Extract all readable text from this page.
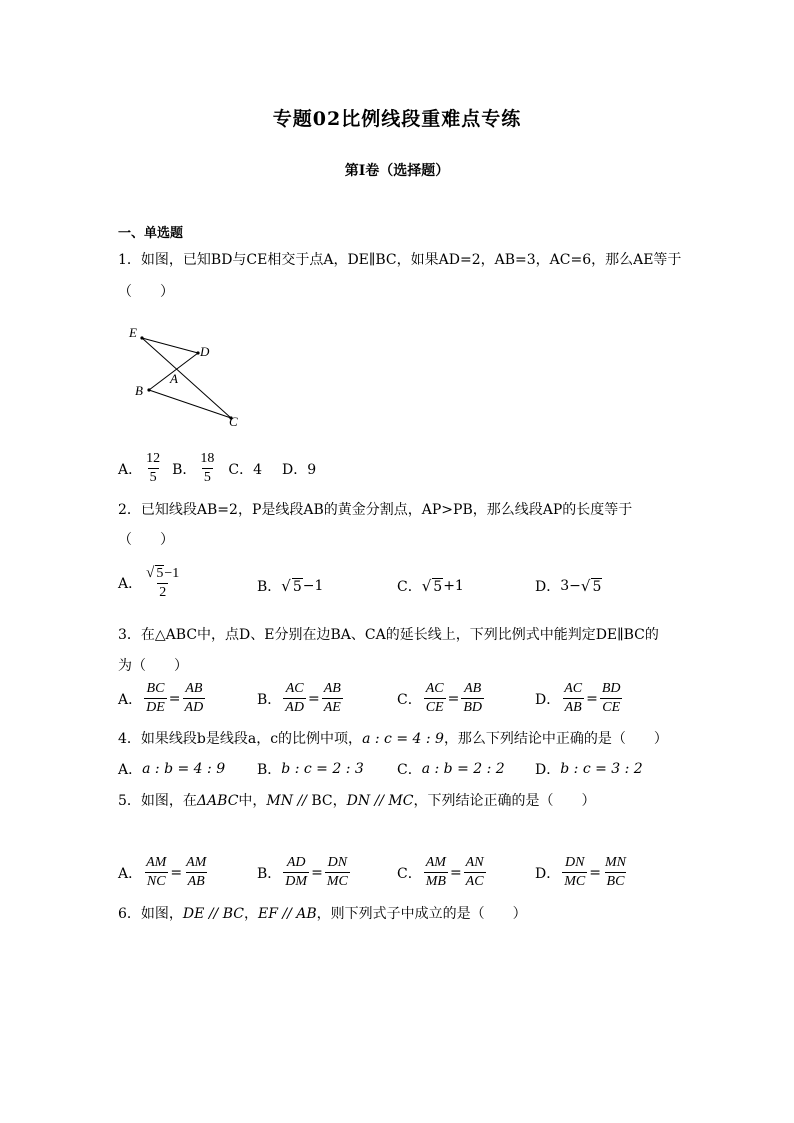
专题02比例线段重难点专练
第I卷（选择题）
一、单选题
1．如图，已知BD与CE相交于点A，DE∥BC，如果AD=2，AB=3，AC=6，那么AE等于
（　　）
E
D
A
B
C
A． $\frac{12}{5}$ B． $\frac{18}{5}$ C．4 D．9
2．已知线段AB=2，P是线段AB的黄金分割点，AP>PB，那么线段AP的长度等于
（　　）
A． $\frac{√ 5-1}{2}$	B． √ 5 −1	C． √ 5 +1	D． 3− √ 5
3．在△ABC中，点D、E分别在边BA、CA的延长线上，下列比例式中能判定DE∥BC的
为（　　）
A． $\frac{BC}{DE} = \frac{AB}{AD}$	B． $\frac{AC}{AD} = \frac{AB}{AE}$	C． $\frac{AC}{CE} = \frac{AB}{BD}$	D． $\frac{AC}{AB} = \frac{BD}{CE}$
4．如果线段b是线段a，c的比例中项，a : c = 4 : 9，那么下列结论中正确的是（　　）
A． a : b = 4 : 9 B． b : c = 2 : 3 C． a : b = 2 : 2 D． b : c = 3 : 2
5．如图，在ΔABC中，MN // BC，DN // MC，下列结论正确的是（　　）
A． $\frac{AM}{NC} = \frac{AM}{AB}$	B． $\frac{AD}{DM} = \frac{DN}{MC}$	C． $\frac{AM}{MB} = \frac{AN}{AC}$	D． $\frac{DN}{MC} = \frac{MN}{BC}$
6．如图，DE // BC，EF // AB，则下列式子中成立的是（　　）
